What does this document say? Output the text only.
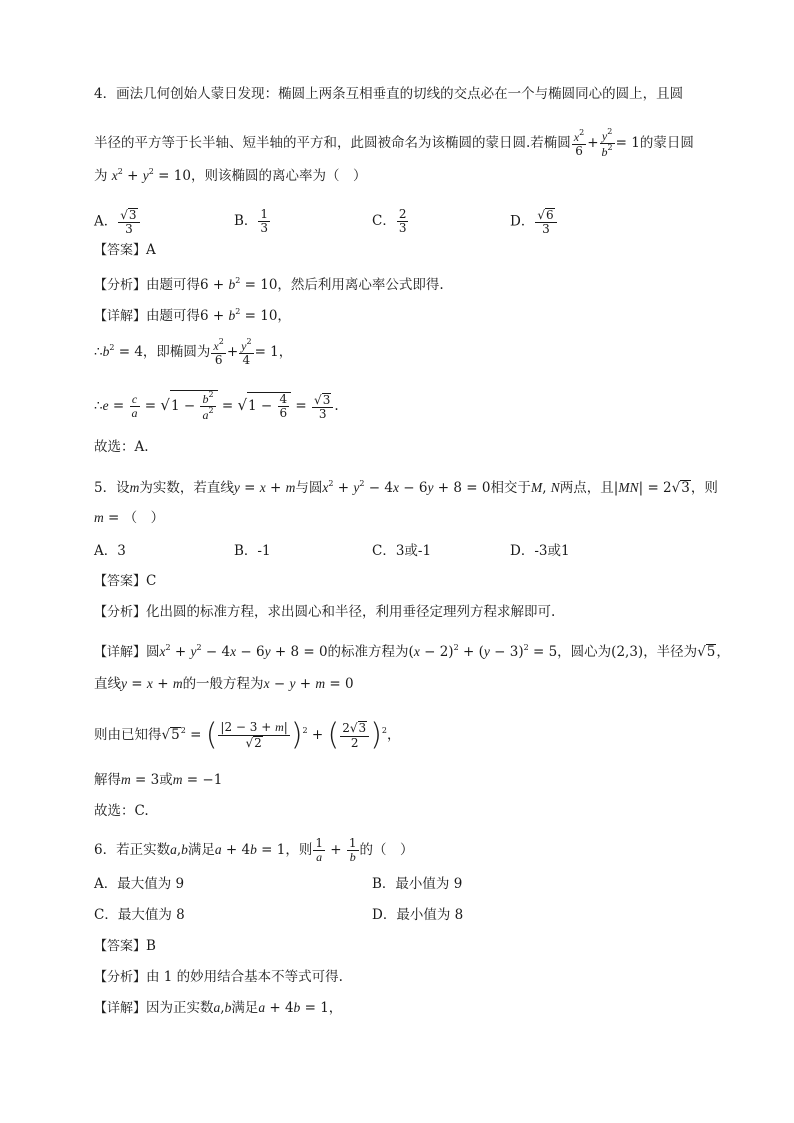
4．画法几何创始人蒙日发现：椭圆上两条互相垂直的切线的交点必在一个与椭圆同心的圆上，且圆
半径的平方等于长半轴、短半轴的平方和，此圆被命名为该椭圆的蒙日圆.若椭圆 $\frac{x^2}{6} + \frac{y^2}{b^2} = 1$的蒙日圆
为 $x^2 + y^2 = 10$，则该椭圆的离心率为（　）
A． $\frac{√3}{3}$	B． $\frac{1}{3}$	C． $\frac{2}{3}$	D． $\frac{√6}{3}$
【答案】A
【分析】由题可得$6 + b^2 = 10$，然后利用离心率公式即得.
【详解】由题可得$6 + b^2 = 10$，
$\therefore b^2 = 4$，即椭圆为 $\frac{x^2}{6} + \frac{y^2}{4} = 1$，
∴e = $\frac{c}{a} = √1 - \frac{b^2}{a^2} = √1 - \frac{4}{6} = \frac{√3}{3}$ .
故选：A.
5．设m为实数，若直线y = x + m与圆$x^2 + y^2 - 4x - 6y + 8 = 0$相交于M, N两点，且|MN| = 2√3，则
m = （　）
A．3	B．-1	C．3或-1	D．-3或1
【答案】C
【分析】化出圆的标准方程，求出圆心和半径，利用垂径定理列方程求解即可.
【详解】圆$x^2 + y^2 - 4x - 6y + 8 = 0$的标准方程为$(x - 2)^2 + (y - 3)^2 = 5$，圆心为(2,3)，半径为√5，
直线y = x + m的一般方程为x − y + m = 0
则由已知得$√5^2$ = ( $\frac{|2 - 3 + m|}{√2} )^2$ + ( $\frac{2√3}{2} )^2$，
解得m = 3或m = −1
故选：C.
6．若正实数a,b满足a + 4b = 1，则 $\frac{1}{a} + \frac{1}{b}$ 的（　）
A．最大值为 9	B．最小值为 9
C．最大值为 8	D．最小值为 8
【答案】B
【分析】由 1 的妙用结合基本不等式可得.
【详解】因为正实数a,b满足a + 4b = 1，
